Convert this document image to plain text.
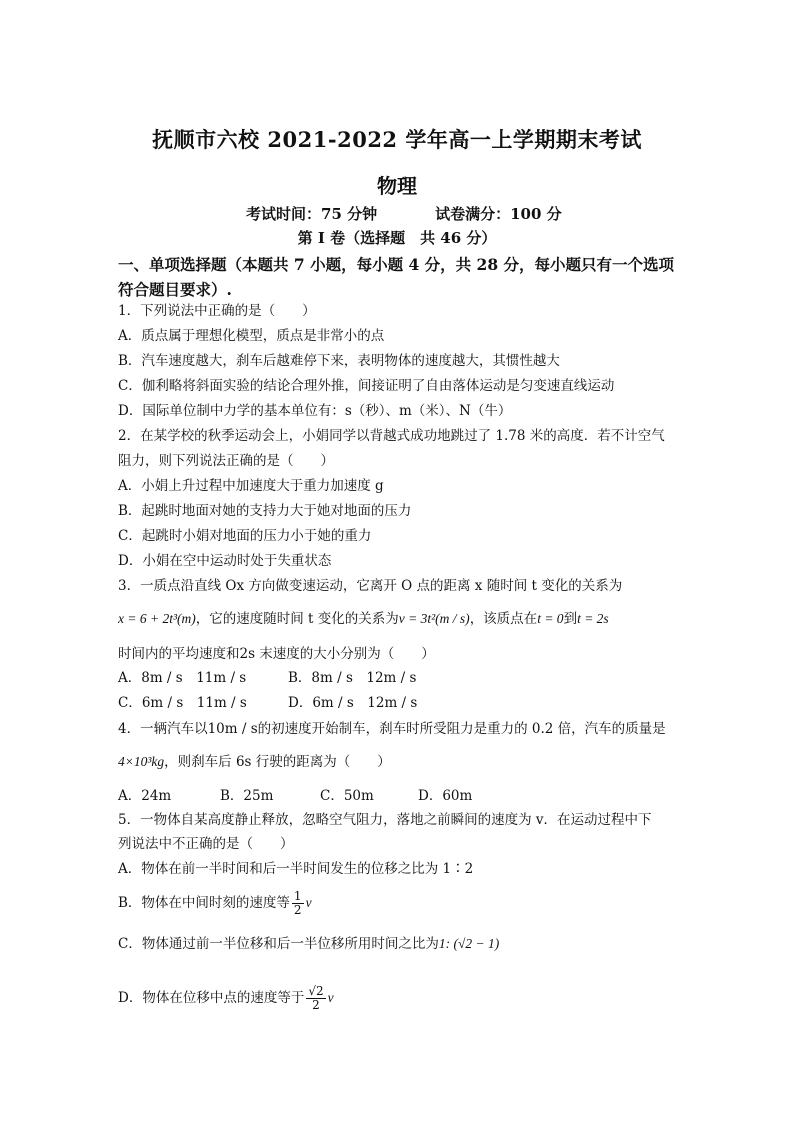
抚顺市六校 2021-2022 学年高一上学期期末考试
物理
考试时间：75 分钟	试卷满分：100 分
第 I 卷（选择题　共 46 分）
一、单项选择题（本题共 7 小题，每小题 4 分，共 28 分，每小题只有一个选项符合题目要求）.
1．下列说法中正确的是（　　）
A．质点属于理想化模型，质点是非常小的点
B．汽车速度越大，刹车后越难停下来，表明物体的速度越大，其惯性越大
C．伽利略将斜面实验的结论合理外推，间接证明了自由落体运动是匀变速直线运动
D．国际单位制中力学的基本单位有：s（秒）、m（米）、N（牛）
2．在某学校的秋季运动会上，小娟同学以背越式成功地跳过了 1.78 米的高度．若不计空气
阻力，则下列说法正确的是（　　）
A．小娟上升过程中加速度大于重力加速度 g
B．起跳时地面对她的支持力大于她对地面的压力
C．起跳时小娟对地面的压力小于她的重力
D．小娟在空中运动时处于失重状态
3．一质点沿直线 Ox 方向做变速运动，它离开 O 点的距离 x 随时间 t 变化的关系为
x = 6 + 2t³(m)，它的速度随时间 t 变化的关系为v = 3t²(m / s)，该质点在t = 0到t = 2s
时间内的平均速度和2s 末速度的大小分别为（　　）
A．8m / s　11m / s	B．8m / s　12m / s
C．6m / s　11m / s	D．6m / s　12m / s
4．一辆汽车以10m / s的初速度开始制车，刹车时所受阻力是重力的 0.2 倍，汽车的质量是
4×10³kg，则刹车后 6s 行驶的距离为（　　）
A．24m	B．25m	C．50m	D．60m
5．一物体自某高度静止释放，忽略空气阻力，落地之前瞬间的速度为 v．在运动过程中下
列说法中不正确的是（　　）
A．物体在前一半时间和后一半时间发生的位移之比为 1∶2
B．物体在中间时刻的速度等 $\frac{1}{2}$ v
C．物体通过前一半位移和后一半位移所用时间之比为1: (√2 − 1)
D．物体在位移中点的速度等于 $\frac{√2}{2}$ v
